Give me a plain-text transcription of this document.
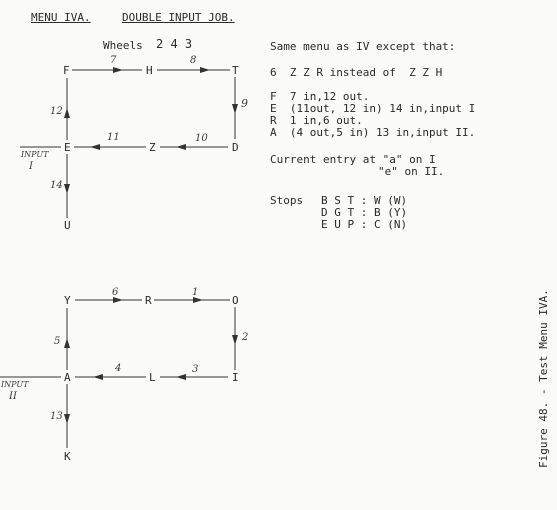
MENU IVA.	DOUBLE INPUT JOB.
Wheels 2 4 3
F	H	T
E	Z	D
U
7	8
9
10
11
12
14
INPUT
I
Y	R	O
A	L	I
K
6	1
2
3
4
5
13
INPUT
II
Same menu as IV except that:
6  Z Z R instead of  Z Z H
F  7 in,12 out.
E  (11out, 12 in) 14 in,input I
R  1 in,6 out.
A  (4 out,5 in) 13 in,input II.
Current entry at "a" on I
"e" on II.
Stops B S T : W (W)
D G T : B (Y)
E U P : C (N)
Figure 48. - Test Menu IVA.
